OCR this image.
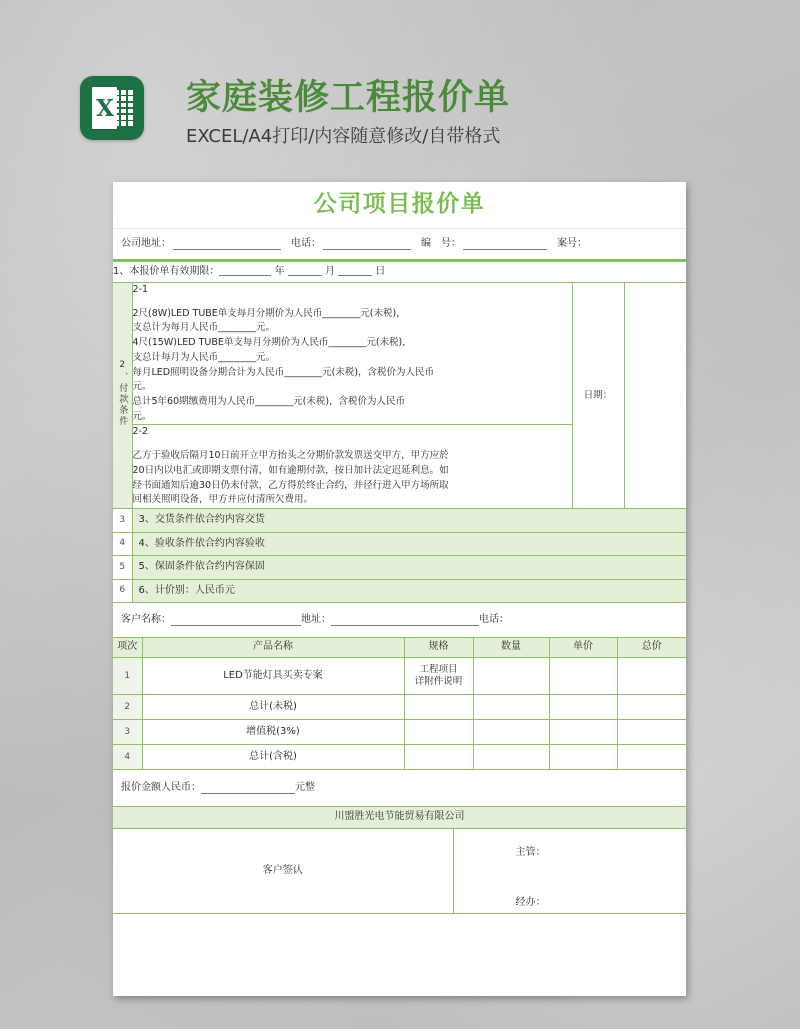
X 家庭装修工程报价单
EXCEL/A4打印/内容随意修改/自带格式
公司项目报价单
公司地址：	电话：	编　号：	案号：
1、本报价单有效期限： 年 月 日			
2、付款条件	
2-1

2尺(8W)LED TUBE单支每月分期价为人民币________元(未税)，

支总计为每月人民币________元。

4尺(15W)LED TUBE单支每月分期价为人民币________元(未税)，

支总计每月为人民币________元。

每月LED照明设备分期合计为人民币________元(未税)，含税价为人民币

元。

总计5年60期缴费用为人民币________元(未税)，含税价为人民币

元。

	日期：	

	2-2

乙方于验收后隔月10日前开立甲方抬头之分期价款发票送交甲方，甲方应於

20日内以电汇或即期支票付清，如有逾期付款，按日加计法定迟延利息。如

经书面通知后逾30日仍未付款，乙方得於终止合约，并径行进入甲方场所取

回相关照明设备，甲方并应付清所欠费用。		

3	3、交货条件依合约内容交货		
4	4、验收条件依合约内容验收		
5	5、保固条件依合约内容保固		
6	6、计价别：人民币元		
客户名称：	地址：	电话：
项次	产品名称	规格	数量	单价	总价
1	LED节能灯具买卖专案	工程项目
详附件说明			

2	总计(未税)				
3	增值税(3%)				
4	总计(含税)				
报价金额人民币：	元整
川盟胜光电节能贸易有限公司
客户签认	
主管：
经办：
